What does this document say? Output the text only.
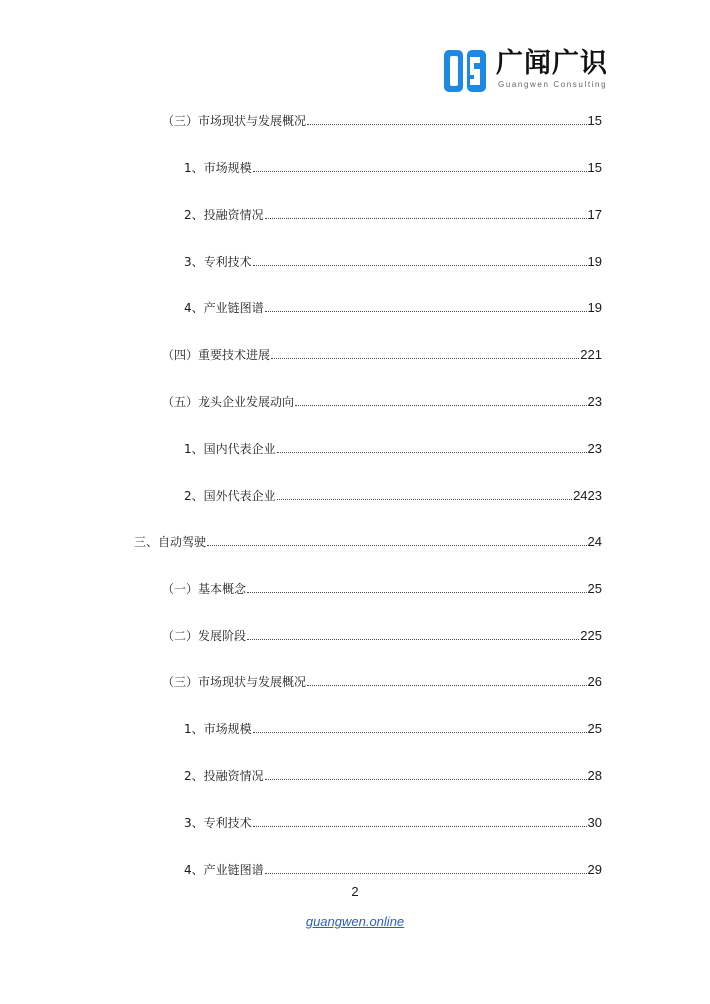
广闻广识
Guangwen Consulting
（三）市场现状与发展概况	15
1、市场规模	15
2、投融资情况	17
3、专利技术	19
4、产业链图谱	19
（四）重要技术进展	221
（五）龙头企业发展动向	23
1、国内代表企业	23
2、国外代表企业	2423
三、自动驾驶	24
（一）基本概念	25
（二）发展阶段	225
（三）市场现状与发展概况	26
1、市场规模	25
2、投融资情况	28
3、专利技术	30
4、产业链图谱	29
2
guangwen.online
